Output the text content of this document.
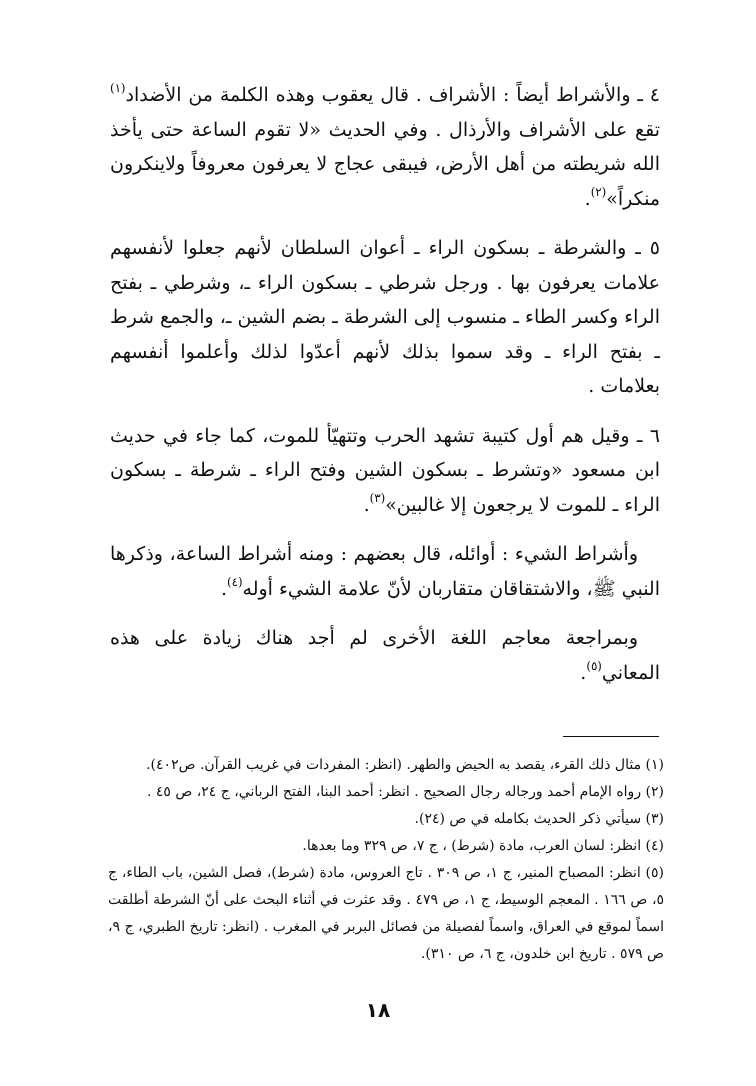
٤ ـ والأشراط أيضاً : الأشراف . قال يعقوب وهذه الكلمة من الأضداد$^{(١)}$ تقع على الأشراف والأرذال . وفي الحديث «لا تقوم الساعة حتى يأخذ الله شريطته من أهل الأرض، فيبقى عجاج لا يعرفون معروفاً ولاينكرون منكراً»$^{(٢)}$.

٥ ـ والشرطة ـ بسكون الراء ـ أعوان السلطان لأنهم جعلوا لأنفسهم علامات يعرفون بها . ورجل شرطي ـ بسكون الراء ـ، وشرطي ـ بفتح الراء وكسر الطاء ـ منسوب إلى الشرطة ـ بضم الشين ـ، والجمع شرط ـ بفتح الراء ـ وقد سموا بذلك لأنهم أعدّوا لذلك وأعلموا أنفسهم بعلامات .

٦ ـ وقيل هم أول كتيبة تشهد الحرب وتتهيّأ للموت، كما جاء في حديث ابن مسعود «وتشرط ـ بسكون الشين وفتح الراء ـ شرطة ـ بسكون الراء ـ للموت لا يرجعون إلا غالبين»$^{(٣)}$.

وأشراط الشيء : أوائله، قال بعضهم : ومنه أشراط الساعة، وذكرها النبي ﷺ، والاشتقاقان متقاربان لأنّ علامة الشيء أوله$^{(٤)}$.

وبمراجعة معاجم اللغة الأخرى لم أجد هناك زيادة على هذه المعاني$^{(٥)}$.

(١) مثال ذلك القرء، يقصد به الحيض والطهر. (انظر: المفردات في غريب القرآن. ص٤٠٢).

(٢) رواه الإمام أحمد ورجاله رجال الصحيح . انظر: أحمد البنا، الفتح الرباني، ج ٢٤، ص ٤٥ .

(٣) سيأتي ذكر الحديث بكامله في ص (٢٤).

(٤) انظر: لسان العرب، مادة (شرط) ، ج ٧، ص ٣٢٩ وما بعدها.

(٥) انظر: المصباح المنير، ج ١، ص ٣٠٩ . تاج العروس، مادة (شرط)، فصل الشين، باب الطاء، ج ٥، ص ١٦٦ . المعجم الوسيط، ج ١، ص ٤٧٩ . وقد عثرت في أثناء البحث على أنّ الشرطة أطلقت اسماً لموقع في العراق، واسماً لفصيلة من فصائل البربر في المغرب . (انظر: تاريخ الطبري، ج ٩، ص ٥٧٩ . تاريخ ابن خلدون، ج ٦، ص ٣١٠).

١٨
